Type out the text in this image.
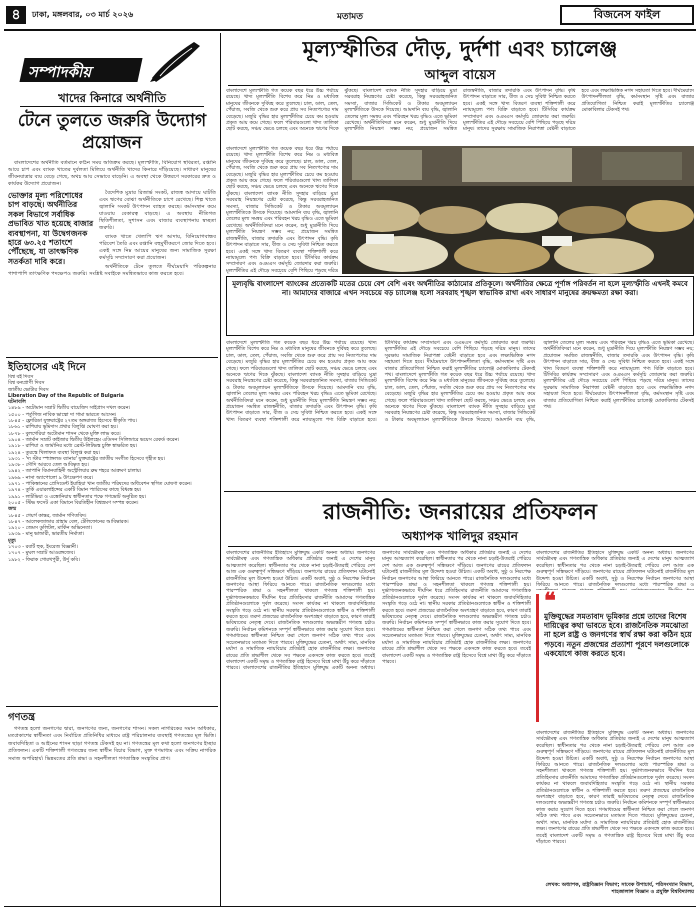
৪	ঢাকা, মঙ্গলবার, ০৩ মার্চ ২০২৬	মতামত	বিজনেস ফাইল
সম্পাদকীয়
খাদের কিনারে অর্থনীতি
টেনে তুলতে জরুরি উদ্যোগ প্রয়োজন

বাংলাদেশের অর্থনীতি বর্তমানে কঠিন সময় অতিক্রম করছে। মূল্যস্ফীতি, বিনিয়োগ স্থবিরতা, রপ্তানি আয়ে চাপ এবং ব্যাংক খাতের দুর্বলতা মিলিয়ে অর্থনীতি খাদের কিনারে দাঁড়িয়েছে। সাধারণ মানুষের জীবনযাত্রার ব্যয় বেড়ে গেছে, অথচ আয় সেভাবে বাড়েনি। এ অবস্থা থেকে উত্তরণে সরকারের দ্রুত ও কার্যকর উদ্যোগ প্রয়োজন।

ভোক্তার মূল্য পরিশোধের চাপ বাড়ছে। অর্থনীতির সকল বিভাগে সর্বাধিক প্রভাবিত খাত হয়েছে বাজার ব্যবস্থাপনা, যা উদ্বেগজনক হারে ৬৩.২৫ শতাংশে পৌঁছেছে, যা তাৎক্ষণিক সতর্কতা দাবি করে।

বৈদেশিক মুদ্রার রিজার্ভ সংকট, রাজস্ব আদায়ে ঘাটতি এবং ঋণের বোঝা অর্থনীতিকে চাপে রেখেছে। শিল্প খাতে জ্বালানি সংকট উৎপাদন ব্যাহত করছে। কর্মসংস্থান কমে যাওয়ায় বেকারত্ব বাড়ছে। এ অবস্থায় নীতিগত স্থিতিশীলতা, সুশাসন এবং বাজার ব্যবস্থাপনায় স্বচ্ছতা জরুরি।

ব্যাংক খাতে খেলাপি ঋণ আদায়, বিনিয়োগবান্ধব পরিবেশ তৈরি এবং রপ্তানি বহুমুখীকরণে জোর দিতে হবে। একই সঙ্গে নিম্ন আয়ের মানুষের জন্য সামাজিক সুরক্ষা কর্মসূচি সম্প্রসারণ করা প্রয়োজন।

অর্থনীতিকে টেনে তুলতে দীর্ঘমেয়াদি পরিকল্পনার পাশাপাশি তাৎক্ষণিক পদক্ষেপও জরুরি। সংশ্লিষ্ট সবাইকে সমন্বিতভাবে কাজ করতে হবে।

ইতিহাসের এই দিনে
বিশ্ব বই দিবস
বিশ্ব বন্যপ্রাণী দিবস
জাতীয় ভোটার দিবস
Liberation Day of the Republic of Bulgaria
ঘটনাবলি
১৪৮৯ - অটোমান সম্রাট দ্বিতীয় বায়েজিদ সাইপ্রাস দখল করেন।
১৫০০ - পর্তুগিজ নাবিক ভাস্কো দা গামা ভারতে আসেন।
১৮৪৫ - ফ্লোরিডা যুক্তরাষ্ট্রের ২৭তম অঙ্গরাজ্য হিসেবে স্বীকৃতি পায়।
১৮৬১ - রাশিয়ায় ভূমিদাস প্রথার বিলুপ্তি ঘোষণা করা হয়।
১৮৭৮ - বুলগেরিয়া অটোমান শাসন থেকে মুক্তি লাভ করে।
১৯০৪ - জার্মান সম্রাট কাইজার দ্বিতীয় উইলহেম এডিসন সিলিন্ডারে ভয়েস রেকর্ড করেন।
১৯১৮ - রাশিয়া ও জার্মানির মধ্যে ব্রেস্ট-লিটভস্ক চুক্তি স্বাক্ষরিত হয়।
১৯২৪ - তুরস্কে খিলাফত ব্যবস্থা বিলুপ্ত করা হয়।
১৯৩১ - 'দ্য স্টার স্প্যাঙ্গলড ব্যানার' যুক্তরাষ্ট্রের জাতীয় সংগীত হিসেবে গৃহীত হয়।
১৯৩৮ - সৌদি আরবে তেল আবিষ্কৃত হয়।
১৯৪২ - জাপানি বিমানবাহিনী অস্ট্রেলিয়ার ব্রুম শহরে আক্রমণ চালায়।
১৯৬৯ - নাসা অ্যাপোলো ৯ উৎক্ষেপণ করে।
১৯৭১ - পাকিস্তানের প্রেসিডেন্ট ইয়াহিয়া খান জাতীয় পরিষদের অধিবেশন স্থগিত ঘোষণা করেন।
১৯৭৪ - তুর্কি এয়ারলাইন্সের একটি বিমান প্যারিসের কাছে বিধ্বস্ত হয়।
১৯৯১ - লাটভিয়া ও এস্তোনিয়ায় স্বাধীনতার পক্ষে গণভোট অনুষ্ঠিত হয়।
২০০৫ - স্টিভ ফসেট একা বিমানে বিরতিহীন বিশ্বভ্রমণ সম্পন্ন করেন।
জন্ম
১৮৪৫ - গেয়র্গ কান্তর, জার্মান গণিতবিদ।
১৮৪৭ - আলেকজান্ডার গ্রাহাম বেল, টেলিফোনের আবিষ্কারক।
১৯২০ - জেমস ডুলিটল, মার্কিন অভিনেতা।
১৯৩৯ - মানু ভান্ডারী, ভারতীয় নির্মাতা।
মৃত্যু
১৭০৩ - রবার্ট হুক, ইংরেজ বিজ্ঞানী।
১৭০৭ - মুঘল সম্রাট আওরঙ্গজেব।
১৯৮২ - ফিরাক গোরখপুরী, উর্দু কবি।
গণতন্ত্র

গণতন্ত্র হলো জনগণের দ্বারা, জনগণের জন্য, জনগণের শাসন। সকল নাগরিকের সমান অধিকার, মতপ্রকাশের স্বাধীনতা এবং নির্বাচিত প্রতিনিধির মাধ্যমে রাষ্ট্র পরিচালনার ব্যবস্থাই গণতন্ত্রের মূল ভিত্তি। জবাবদিহিতা ও আইনের শাসন ছাড়া গণতন্ত্র টেকসই হয় না। গণতন্ত্রের মূল কথা হলো জনগণের ইচ্ছার প্রতিফলন। একটি শক্তিশালী গণতন্ত্রের জন্য স্বাধীন বিচার বিভাগ, মুক্ত গণমাধ্যম এবং সক্রিয় নাগরিক সমাজ অপরিহার্য। ভিন্নমতের প্রতি শ্রদ্ধা ও সহনশীলতা গণতান্ত্রিক সংস্কৃতির প্রাণ।

মূল্যস্ফীতির দৌড়, দুর্দশা এবং চ্যালেঞ্জ
আব্দুল বায়েস
বাংলাদেশে মূল্যস্ফীতি গত কয়েক বছর ধরে উচ্চ পর্যায়ে রয়েছে। খাদ্য মূল্যস্ফীতি বিশেষ করে নিম্ন ও মধ্যবিত্ত মানুষের জীবনকে দুর্বিষহ করে তুলেছে। চাল, ডাল, তেল, পেঁয়াজ, সবজি থেকে শুরু করে প্রায় সব নিত্যপণ্যের দাম বেড়েছে। মজুরি বৃদ্ধির হার মূল্যস্ফীতির চেয়ে কম হওয়ায় প্রকৃত আয় কমে গেছে। ফলে পরিবারগুলো খাদ্য তালিকা ছোট করছে, সঞ্চয় ভেঙে চলছে এবং অনেকে ঋণের দিকে ঝুঁকছে। বাংলাদেশ ব্যাংক নীতি সুদহার বাড়িয়ে মুদ্রা সরবরাহ নিয়ন্ত্রণের চেষ্টা করেছে, কিন্তু সরবরাহজনিত সমস্যা, বাজার সিন্ডিকেট ও টাকার অবমূল্যায়ন মূল্যস্ফীতিকে উসকে দিয়েছে। আমদানি ব্যয় বৃদ্ধি, জ্বালানি তেলের মূল্য সমন্বয় এবং পরিবহন খরচ বৃদ্ধিও এতে ভূমিকা রেখেছে। অর্থনীতিবিদরা মনে করেন, শুধু মুদ্রানীতি দিয়ে মূল্যস্ফীতি নিয়ন্ত্রণ সম্ভব নয়; প্রয়োজন সমন্বিত রাজস্বনীতি, বাজার তদারকি এবং উৎপাদন বৃদ্ধি। কৃষি উৎপাদন বাড়াতে সার, বীজ ও সেচ সুবিধা নিশ্চিত করতে হবে। একই সঙ্গে খাদ্য বিতরণ ব্যবস্থা শক্তিশালী করে ন্যায্যমূল্যে পণ্য বিক্রি বাড়াতে হবে। টিসিবির কার্যক্রম সম্প্রসারণ এবং ওএমএস কর্মসূচি জোরদার করা জরুরি। মূল্যস্ফীতির এই দৌড়ে সবচেয়ে বেশি পিছিয়ে পড়ছে দরিদ্র মানুষ। তাদের সুরক্ষায় সামাজিক নিরাপত্তা বেষ্টনী বাড়াতে হবে এবং লক্ষ্যভিত্তিক নগদ সহায়তা দিতে হবে। দীর্ঘমেয়াদে উৎপাদনশীলতা বৃদ্ধি, কর্মসংস্থান সৃষ্টি এবং বাজার প্রতিযোগিতা নিশ্চিত করাই মূল্যস্ফীতির চ্যালেঞ্জ মোকাবিলার টেকসই পথ।
বাংলাদেশে মূল্যস্ফীতি গত কয়েক বছর ধরে উচ্চ পর্যায়ে রয়েছে। খাদ্য মূল্যস্ফীতি বিশেষ করে নিম্ন ও মধ্যবিত্ত মানুষের জীবনকে দুর্বিষহ করে তুলেছে। চাল, ডাল, তেল, পেঁয়াজ, সবজি থেকে শুরু করে প্রায় সব নিত্যপণ্যের দাম বেড়েছে। মজুরি বৃদ্ধির হার মূল্যস্ফীতির চেয়ে কম হওয়ায় প্রকৃত আয় কমে গেছে। ফলে পরিবারগুলো খাদ্য তালিকা ছোট করছে, সঞ্চয় ভেঙে চলছে এবং অনেকে ঋণের দিকে ঝুঁকছে। বাংলাদেশ ব্যাংক নীতি সুদহার বাড়িয়ে মুদ্রা সরবরাহ নিয়ন্ত্রণের চেষ্টা করেছে, কিন্তু সরবরাহজনিত সমস্যা, বাজার সিন্ডিকেট ও টাকার অবমূল্যায়ন মূল্যস্ফীতিকে উসকে দিয়েছে। আমদানি ব্যয় বৃদ্ধি, জ্বালানি তেলের মূল্য সমন্বয় এবং পরিবহন খরচ বৃদ্ধিও এতে ভূমিকা রেখেছে। অর্থনীতিবিদরা মনে করেন, শুধু মুদ্রানীতি দিয়ে মূল্যস্ফীতি নিয়ন্ত্রণ সম্ভব নয়; প্রয়োজন সমন্বিত রাজস্বনীতি, বাজার তদারকি এবং উৎপাদন বৃদ্ধি। কৃষি উৎপাদন বাড়াতে সার, বীজ ও সেচ সুবিধা নিশ্চিত করতে হবে। একই সঙ্গে খাদ্য বিতরণ ব্যবস্থা শক্তিশালী করে ন্যায্যমূল্যে পণ্য বিক্রি বাড়াতে হবে। টিসিবির কার্যক্রম সম্প্রসারণ এবং ওএমএস কর্মসূচি জোরদার করা জরুরি। মূল্যস্ফীতির এই দৌড়ে সবচেয়ে বেশি পিছিয়ে পড়ছে দরিদ্র
মূল্যবৃদ্ধি বাংলাদেশ ব্যাংকের প্রত্যেকটি মতের চেয়ে বেশ বেশি এবং অর্থনীতির কাঠামোর প্রতিকূলে। অর্থনীতির ক্ষেত্রে পূর্ণাঙ্গ পরিবর্তন না হলে মূল্যস্ফীতি এখনই কমবে না। আমাদের বাজারে এখন সবচেয়ে বড় চ্যালেঞ্জ হলো সরবরাহ শৃঙ্খল স্বাভাবিক রাখা এবং সাধারণ মানুষের ক্রয়ক্ষমতা রক্ষা করা।
বাংলাদেশে মূল্যস্ফীতি গত কয়েক বছর ধরে উচ্চ পর্যায়ে রয়েছে। খাদ্য মূল্যস্ফীতি বিশেষ করে নিম্ন ও মধ্যবিত্ত মানুষের জীবনকে দুর্বিষহ করে তুলেছে। চাল, ডাল, তেল, পেঁয়াজ, সবজি থেকে শুরু করে প্রায় সব নিত্যপণ্যের দাম বেড়েছে। মজুরি বৃদ্ধির হার মূল্যস্ফীতির চেয়ে কম হওয়ায় প্রকৃত আয় কমে গেছে। ফলে পরিবারগুলো খাদ্য তালিকা ছোট করছে, সঞ্চয় ভেঙে চলছে এবং অনেকে ঋণের দিকে ঝুঁকছে। বাংলাদেশ ব্যাংক নীতি সুদহার বাড়িয়ে মুদ্রা সরবরাহ নিয়ন্ত্রণের চেষ্টা করেছে, কিন্তু সরবরাহজনিত সমস্যা, বাজার সিন্ডিকেট ও টাকার অবমূল্যায়ন মূল্যস্ফীতিকে উসকে দিয়েছে। আমদানি ব্যয় বৃদ্ধি, জ্বালানি তেলের মূল্য সমন্বয় এবং পরিবহন খরচ বৃদ্ধিও এতে ভূমিকা রেখেছে। অর্থনীতিবিদরা মনে করেন, শুধু মুদ্রানীতি দিয়ে মূল্যস্ফীতি নিয়ন্ত্রণ সম্ভব নয়; প্রয়োজন সমন্বিত রাজস্বনীতি, বাজার তদারকি এবং উৎপাদন বৃদ্ধি। কৃষি উৎপাদন বাড়াতে সার, বীজ ও সেচ সুবিধা নিশ্চিত করতে হবে। একই সঙ্গে খাদ্য বিতরণ ব্যবস্থা শক্তিশালী করে ন্যায্যমূল্যে পণ্য বিক্রি বাড়াতে হবে। টিসিবির কার্যক্রম সম্প্রসারণ এবং ওএমএস কর্মসূচি জোরদার করা জরুরি। মূল্যস্ফীতির এই দৌড়ে সবচেয়ে বেশি পিছিয়ে পড়ছে দরিদ্র মানুষ। তাদের সুরক্ষায় সামাজিক নিরাপত্তা বেষ্টনী বাড়াতে হবে এবং লক্ষ্যভিত্তিক নগদ সহায়তা দিতে হবে। দীর্ঘমেয়াদে উৎপাদনশীলতা বৃদ্ধি, কর্মসংস্থান সৃষ্টি এবং বাজার প্রতিযোগিতা নিশ্চিত করাই মূল্যস্ফীতির চ্যালেঞ্জ মোকাবিলার টেকসই পথ। বাংলাদেশে মূল্যস্ফীতি গত কয়েক বছর ধরে উচ্চ পর্যায়ে রয়েছে। খাদ্য মূল্যস্ফীতি বিশেষ করে নিম্ন ও মধ্যবিত্ত মানুষের জীবনকে দুর্বিষহ করে তুলেছে। চাল, ডাল, তেল, পেঁয়াজ, সবজি থেকে শুরু করে প্রায় সব নিত্যপণ্যের দাম বেড়েছে। মজুরি বৃদ্ধির হার মূল্যস্ফীতির চেয়ে কম হওয়ায় প্রকৃত আয় কমে গেছে। ফলে পরিবারগুলো খাদ্য তালিকা ছোট করছে, সঞ্চয় ভেঙে চলছে এবং অনেকে ঋণের দিকে ঝুঁকছে। বাংলাদেশ ব্যাংক নীতি সুদহার বাড়িয়ে মুদ্রা সরবরাহ নিয়ন্ত্রণের চেষ্টা করেছে, কিন্তু সরবরাহজনিত সমস্যা, বাজার সিন্ডিকেট ও টাকার অবমূল্যায়ন মূল্যস্ফীতিকে উসকে দিয়েছে। আমদানি ব্যয় বৃদ্ধি, জ্বালানি তেলের মূল্য সমন্বয় এবং পরিবহন খরচ বৃদ্ধিও এতে ভূমিকা রেখেছে। অর্থনীতিবিদরা মনে করেন, শুধু মুদ্রানীতি দিয়ে মূল্যস্ফীতি নিয়ন্ত্রণ সম্ভব নয়; প্রয়োজন সমন্বিত রাজস্বনীতি, বাজার তদারকি এবং উৎপাদন বৃদ্ধি। কৃষি উৎপাদন বাড়াতে সার, বীজ ও সেচ সুবিধা নিশ্চিত করতে হবে। একই সঙ্গে খাদ্য বিতরণ ব্যবস্থা শক্তিশালী করে ন্যায্যমূল্যে পণ্য বিক্রি বাড়াতে হবে। টিসিবির কার্যক্রম সম্প্রসারণ এবং ওএমএস কর্মসূচি জোরদার করা জরুরি। মূল্যস্ফীতির এই দৌড়ে সবচেয়ে বেশি পিছিয়ে পড়ছে দরিদ্র মানুষ। তাদের সুরক্ষায় সামাজিক নিরাপত্তা বেষ্টনী বাড়াতে হবে এবং লক্ষ্যভিত্তিক নগদ সহায়তা দিতে হবে। দীর্ঘমেয়াদে উৎপাদনশীলতা বৃদ্ধি, কর্মসংস্থান সৃষ্টি এবং বাজার প্রতিযোগিতা নিশ্চিত করাই মূল্যস্ফীতির চ্যালেঞ্জ মোকাবিলার টেকসই পথ।
রাজনীতি: জনরায়ের প্রতিফলন
অধ্যাপক খালিদুর রহমান
বাংলাদেশের রাজনীতির ইতিহাসে মুক্তিযুদ্ধ একটি অনন্য অধ্যায়। জনগণের সার্বভৌমত্ব এবং গণতান্ত্রিক অধিকার প্রতিষ্ঠার জন্যই এ দেশের মানুষ আত্মত্যাগ করেছিল। স্বাধীনতার পর থেকে নানা চড়াই-উতরাই পেরিয়ে দেশ আজ এক গুরুত্বপূর্ণ সন্ধিক্ষণে দাঁড়িয়ে। জনগণের রায়ের প্রতিফলন ঘটানোই রাজনীতির মূল উদ্দেশ্য হওয়া উচিত। একটি অবাধ, সুষ্ঠু ও নিরপেক্ষ নির্বাচন জনগণের আস্থা ফিরিয়ে আনতে পারে। রাজনৈতিক দলগুলোর মধ্যে পারস্পরিক শ্রদ্ধা ও সহনশীলতা থাকলে গণতন্ত্র শক্তিশালী হয়। দুর্ভাগ্যজনকভাবে দীর্ঘদিন ধরে প্রতিহিংসার রাজনীতি আমাদের গণতান্ত্রিক প্রতিষ্ঠানগুলোকে দুর্বল করেছে। সংসদ কার্যকর না থাকলে জবাবদিহিতার সংস্কৃতি গড়ে ওঠে না। স্থানীয় সরকার প্রতিষ্ঠানগুলোকে স্বাধীন ও শক্তিশালী করতে হবে। তরুণ প্রজন্মের রাজনৈতিক অংশগ্রহণ বাড়াতে হবে, কারণ তারাই ভবিষ্যতের নেতৃত্ব দেবে। রাজনৈতিক দলগুলোর অভ্যন্তরীণ গণতন্ত্র চর্চাও জরুরি। নির্বাচন কমিশনকে সম্পূর্ণ স্বাধীনভাবে কাজ করার সুযোগ দিতে হবে। গণমাধ্যমের স্বাধীনতা নিশ্চিত করা গেলে জনগণ সঠিক তথ্য পাবে এবং সচেতনভাবে মতামত দিতে পারবে। মুক্তিযুদ্ধের চেতনা, অর্থাৎ সাম্য, মানবিক মর্যাদা ও সামাজিক ন্যায়বিচার প্রতিষ্ঠাই হোক রাজনীতির লক্ষ্য। জনগণের রায়ের প্রতি শ্রদ্ধাশীল থেকে সব পক্ষকে একসঙ্গে কাজ করতে হবে। তবেই বাংলাদেশ একটি সমৃদ্ধ ও গণতান্ত্রিক রাষ্ট্র হিসেবে বিশ্বে মাথা উঁচু করে দাঁড়াতে পারবে। বাংলাদেশের রাজনীতির ইতিহাসে মুক্তিযুদ্ধ একটি অনন্য অধ্যায়। জনগণের সার্বভৌমত্ব এবং গণতান্ত্রিক অধিকার প্রতিষ্ঠার জন্যই এ দেশের মানুষ আত্মত্যাগ করেছিল। স্বাধীনতার পর থেকে নানা চড়াই-উতরাই পেরিয়ে দেশ আজ এক গুরুত্বপূর্ণ সন্ধিক্ষণে দাঁড়িয়ে। জনগণের রায়ের প্রতিফলন ঘটানোই রাজনীতির মূল উদ্দেশ্য হওয়া উচিত। একটি অবাধ, সুষ্ঠু ও নিরপেক্ষ নির্বাচন জনগণের আস্থা ফিরিয়ে আনতে পারে। রাজনৈতিক দলগুলোর মধ্যে পারস্পরিক শ্রদ্ধা ও সহনশীলতা থাকলে গণতন্ত্র শক্তিশালী হয়। দুর্ভাগ্যজনকভাবে দীর্ঘদিন ধরে প্রতিহিংসার রাজনীতি আমাদের গণতান্ত্রিক প্রতিষ্ঠানগুলোকে দুর্বল করেছে। সংসদ কার্যকর না থাকলে জবাবদিহিতার সংস্কৃতি গড়ে ওঠে না। স্থানীয় সরকার প্রতিষ্ঠানগুলোকে স্বাধীন ও শক্তিশালী করতে হবে। তরুণ প্রজন্মের রাজনৈতিক অংশগ্রহণ বাড়াতে হবে, কারণ তারাই ভবিষ্যতের নেতৃত্ব দেবে। রাজনৈতিক দলগুলোর অভ্যন্তরীণ গণতন্ত্র চর্চাও জরুরি। নির্বাচন কমিশনকে সম্পূর্ণ স্বাধীনভাবে কাজ করার সুযোগ দিতে হবে। গণমাধ্যমের স্বাধীনতা নিশ্চিত করা গেলে জনগণ সঠিক তথ্য পাবে এবং সচেতনভাবে মতামত দিতে পারবে। মুক্তিযুদ্ধের চেতনা, অর্থাৎ সাম্য, মানবিক মর্যাদা ও সামাজিক ন্যায়বিচার প্রতিষ্ঠাই হোক রাজনীতির লক্ষ্য। জনগণের রায়ের প্রতি শ্রদ্ধাশীল থেকে সব পক্ষকে একসঙ্গে কাজ করতে হবে। তবেই বাংলাদেশ একটি সমৃদ্ধ ও গণতান্ত্রিক রাষ্ট্র হিসেবে বিশ্বে মাথা উঁচু করে দাঁড়াতে পারবে।
বাংলাদেশের রাজনীতির ইতিহাসে মুক্তিযুদ্ধ একটি অনন্য অধ্যায়। জনগণের সার্বভৌমত্ব এবং গণতান্ত্রিক অধিকার প্রতিষ্ঠার জন্যই এ দেশের মানুষ আত্মত্যাগ করেছিল। স্বাধীনতার পর থেকে নানা চড়াই-উতরাই পেরিয়ে দেশ আজ এক গুরুত্বপূর্ণ সন্ধিক্ষণে দাঁড়িয়ে। জনগণের রায়ের প্রতিফলন ঘটানোই রাজনীতির মূল উদ্দেশ্য হওয়া উচিত। একটি অবাধ, সুষ্ঠু ও নিরপেক্ষ নির্বাচন জনগণের আস্থা ফিরিয়ে আনতে পারে। রাজনৈতিক দলগুলোর মধ্যে পারস্পরিক শ্রদ্ধা ও
❝
মুক্তিযুদ্ধের সমতাবাদ ভূমিকার প্রশ্নে তাদের বিশেষ দায়িত্বের কথা ভাবতে হবে। রাজনৈতিক সমঝোতা না হলে রাষ্ট্র ও জনগণের স্বার্থ রক্ষা করা কঠিন হয়ে পড়বে। নতুন প্রজন্মের প্রত্যাশা পূরণে দলগুলোকে একযোগে কাজ করতে হবে।
বাংলাদেশের রাজনীতির ইতিহাসে মুক্তিযুদ্ধ একটি অনন্য অধ্যায়। জনগণের সার্বভৌমত্ব এবং গণতান্ত্রিক অধিকার প্রতিষ্ঠার জন্যই এ দেশের মানুষ আত্মত্যাগ করেছিল। স্বাধীনতার পর থেকে নানা চড়াই-উতরাই পেরিয়ে দেশ আজ এক গুরুত্বপূর্ণ সন্ধিক্ষণে দাঁড়িয়ে। জনগণের রায়ের প্রতিফলন ঘটানোই রাজনীতির মূল উদ্দেশ্য হওয়া উচিত। একটি অবাধ, সুষ্ঠু ও নিরপেক্ষ নির্বাচন জনগণের আস্থা ফিরিয়ে আনতে পারে। রাজনৈতিক দলগুলোর মধ্যে পারস্পরিক শ্রদ্ধা ও সহনশীলতা থাকলে গণতন্ত্র শক্তিশালী হয়। দুর্ভাগ্যজনকভাবে দীর্ঘদিন ধরে প্রতিহিংসার রাজনীতি আমাদের গণতান্ত্রিক প্রতিষ্ঠানগুলোকে দুর্বল করেছে। সংসদ কার্যকর না থাকলে জবাবদিহিতার সংস্কৃতি গড়ে ওঠে না। স্থানীয় সরকার প্রতিষ্ঠানগুলোকে স্বাধীন ও শক্তিশালী করতে হবে। তরুণ প্রজন্মের রাজনৈতিক অংশগ্রহণ বাড়াতে হবে, কারণ তারাই ভবিষ্যতের নেতৃত্ব দেবে। রাজনৈতিক দলগুলোর অভ্যন্তরীণ গণতন্ত্র চর্চাও জরুরি। নির্বাচন কমিশনকে সম্পূর্ণ স্বাধীনভাবে কাজ করার সুযোগ দিতে হবে। গণমাধ্যমের স্বাধীনতা নিশ্চিত করা গেলে জনগণ সঠিক তথ্য পাবে এবং সচেতনভাবে মতামত দিতে পারবে। মুক্তিযুদ্ধের চেতনা, অর্থাৎ সাম্য, মানবিক মর্যাদা ও সামাজিক ন্যায়বিচার প্রতিষ্ঠাই হোক রাজনীতির লক্ষ্য। জনগণের রায়ের প্রতি শ্রদ্ধাশীল থেকে সব পক্ষকে একসঙ্গে কাজ করতে হবে। তবেই বাংলাদেশ একটি সমৃদ্ধ ও গণতান্ত্রিক রাষ্ট্র হিসেবে বিশ্বে মাথা উঁচু করে দাঁড়াতে পারবে।
লেখক: অধ্যাপক, রাষ্ট্রবিজ্ঞান বিভাগ; সাবেক উপাচার্য, পরিসংখ্যান বিভাগ, শাহজালাল বিজ্ঞান ও প্রযুক্তি বিশ্ববিদ্যালয়
